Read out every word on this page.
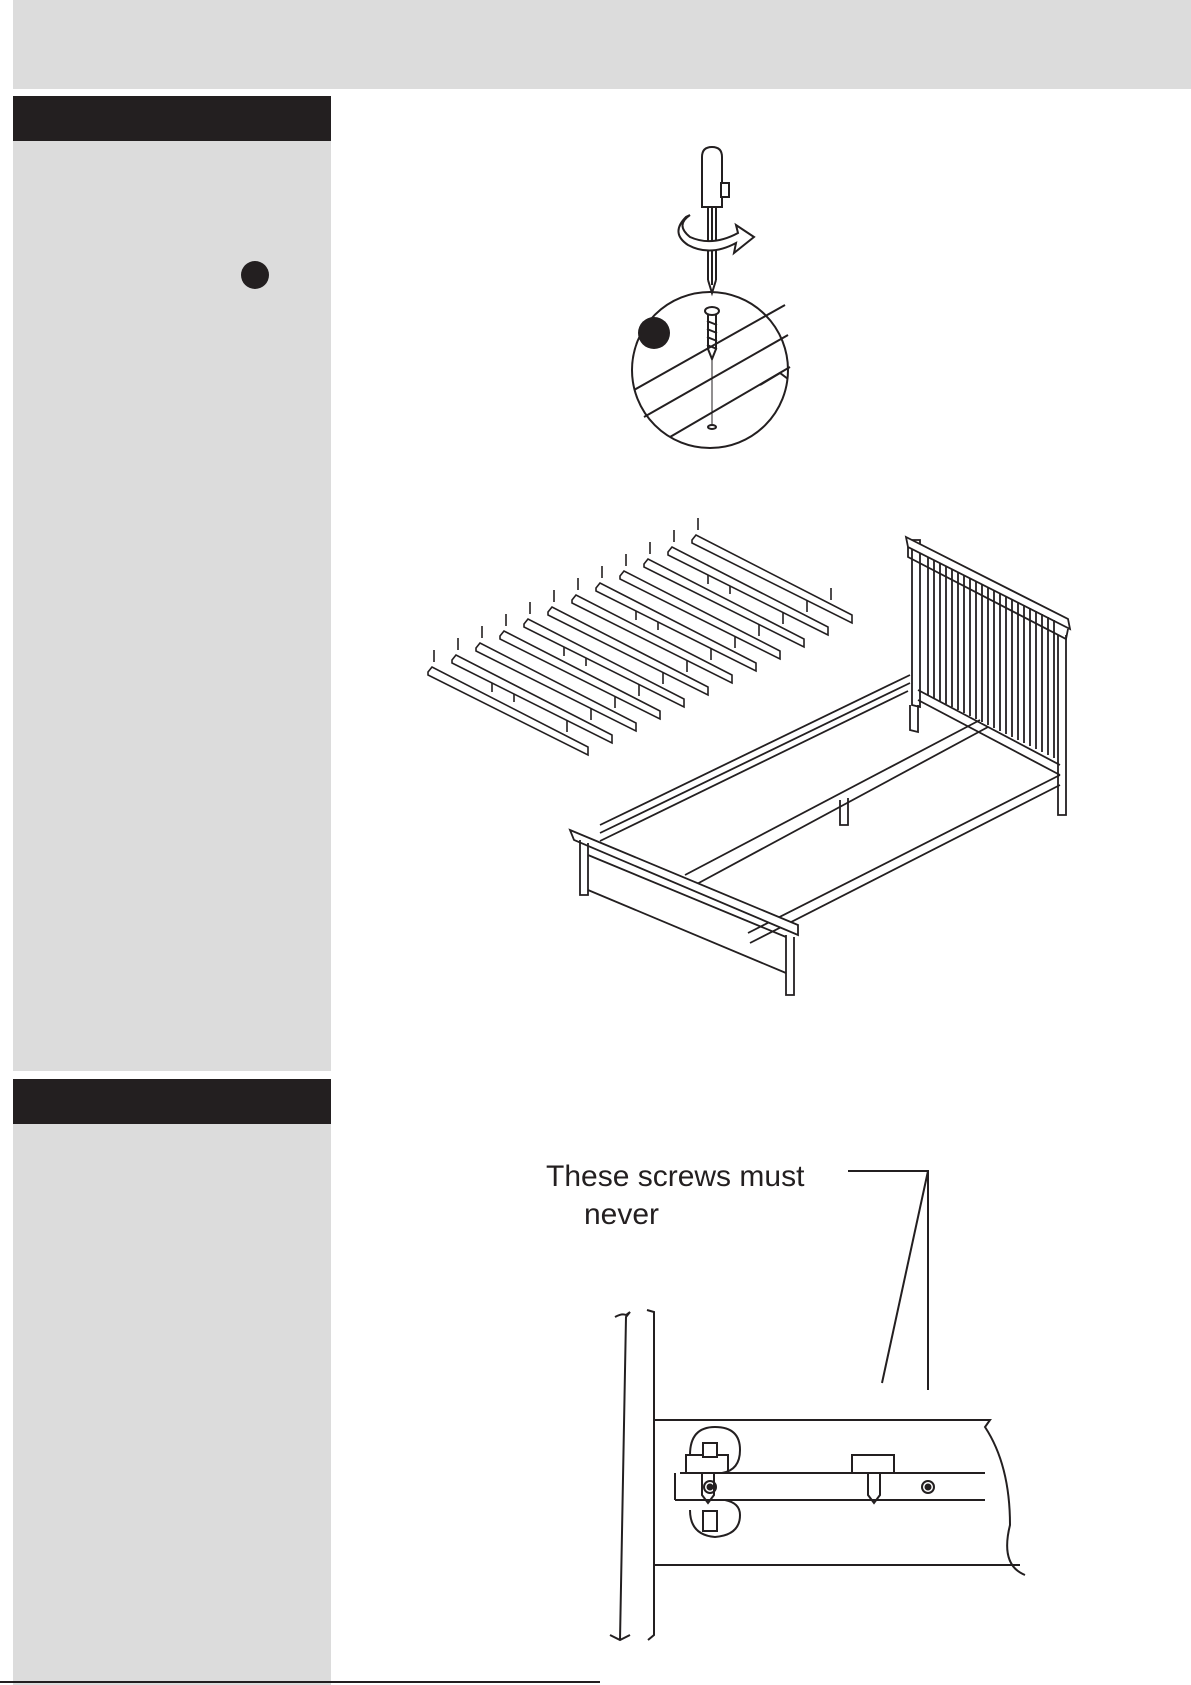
These screws must
never
